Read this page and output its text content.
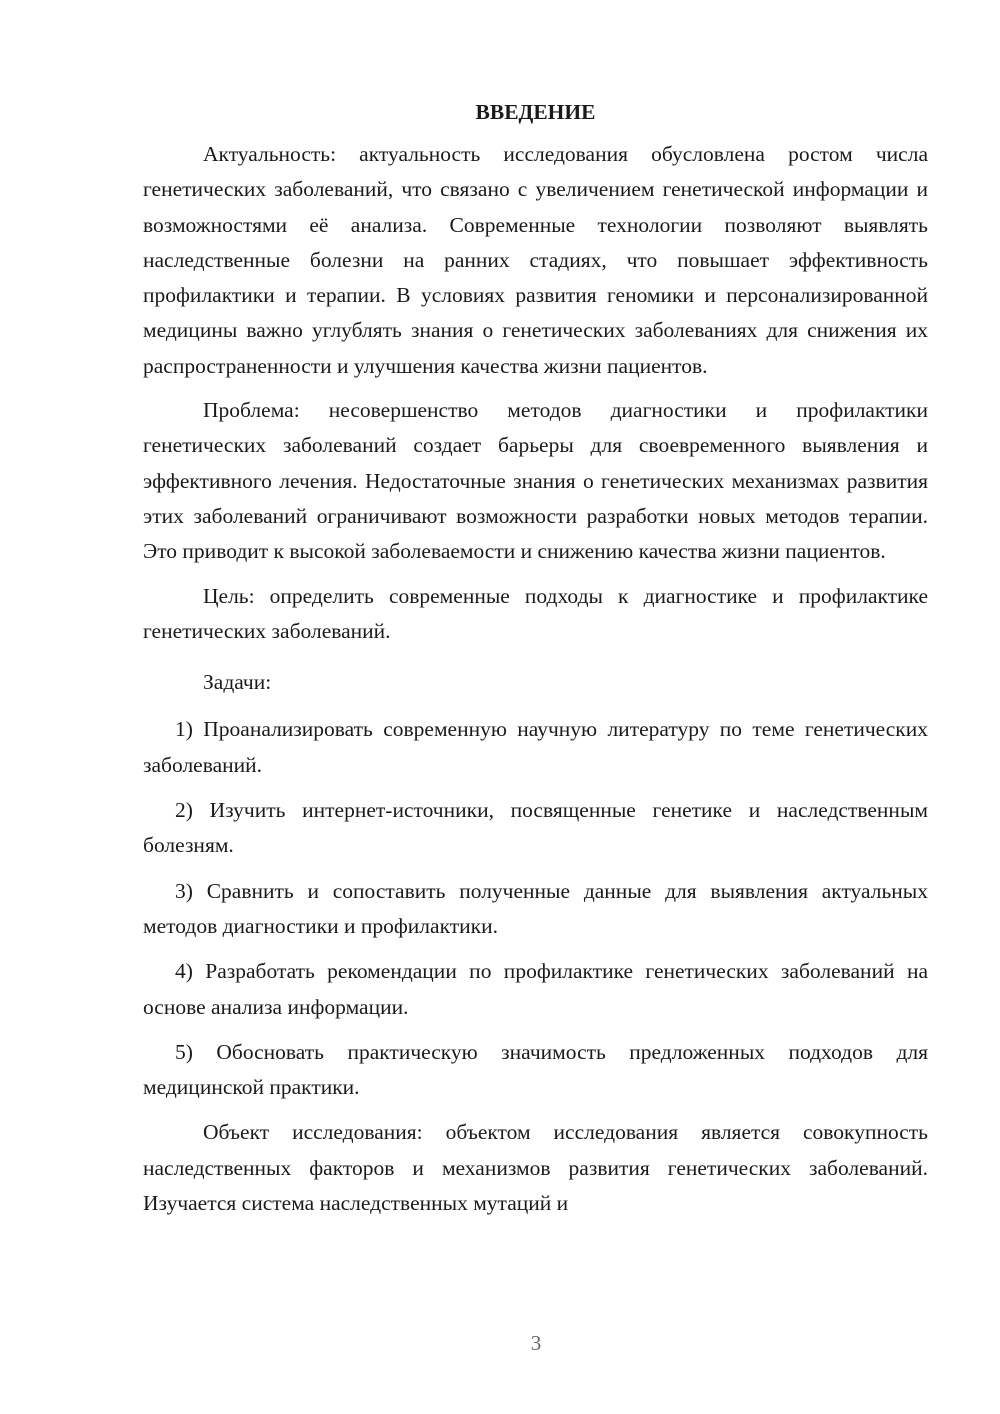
ВВЕДЕНИЕ

Актуальность: актуальность исследования обусловлена ростом числа генетических заболеваний, что связано с увеличением генетической информации и возможностями её анализа. Современные технологии позволяют выявлять наследственные болезни на ранних стадиях, что повышает эффективность профилактики и терапии. В условиях развития геномики и персонализированной медицины важно углублять знания о генетических заболеваниях для снижения их распространенности и улучшения качества жизни пациентов.

Проблема: несовершенство методов диагностики и профилактики генетических заболеваний создает барьеры для своевременного выявления и эффективного лечения. Недостаточные знания о генетических механизмах развития этих заболеваний ограничивают возможности разработки новых методов терапии. Это приводит к высокой заболеваемости и снижению качества жизни пациентов.

Цель: определить современные подходы к диагностике и профилактике генетических заболеваний.

Задачи:

1) Проанализировать современную научную литературу по теме генетических заболеваний.

2) Изучить интернет-источники, посвященные генетике и наследственным болезням.

3) Сравнить и сопоставить полученные данные для выявления актуальных методов диагностики и профилактики.

4) Разработать рекомендации по профилактике генетических заболеваний на основе анализа информации.

5) Обосновать практическую значимость предложенных подходов для медицинской практики.

Объект исследования: объектом исследования является совокупность наследственных факторов и механизмов развития генетических заболеваний. Изучается система наследственных мутаций и

3
